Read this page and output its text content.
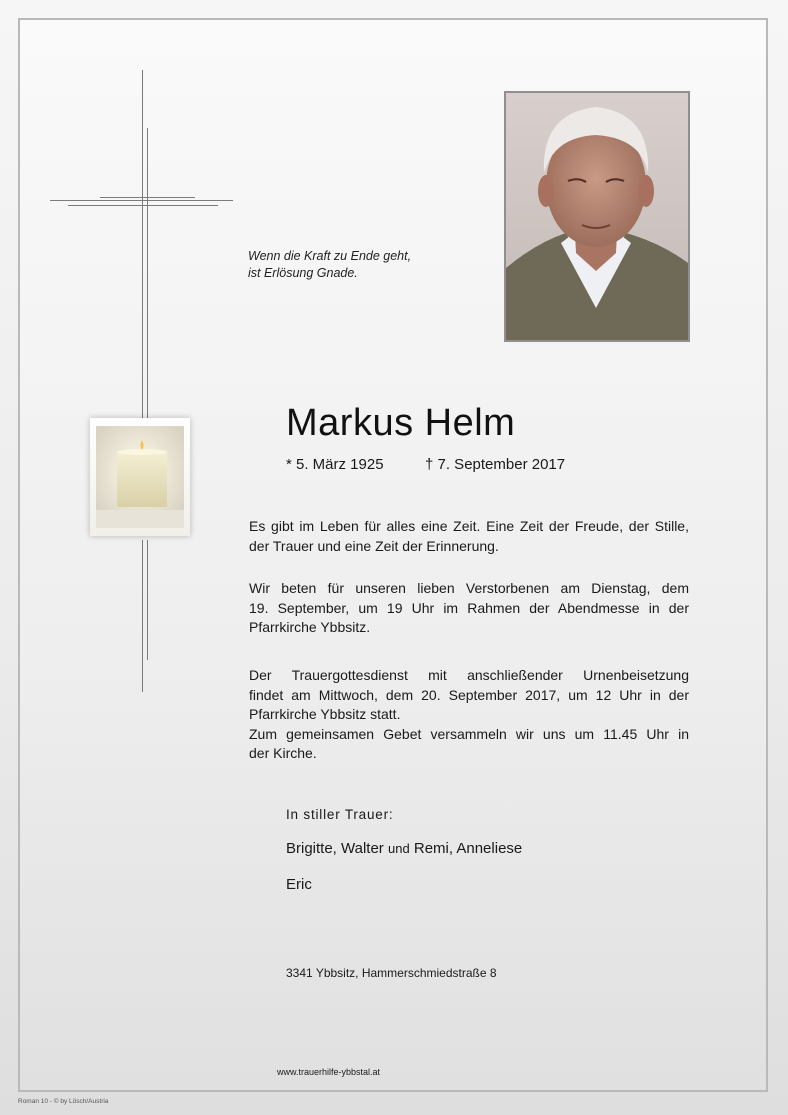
Wenn die Kraft zu Ende geht,
ist Erlösung Gnade.
Markus Helm
* 5. März 1925	† 7. September 2017
Es gibt im Leben für alles eine Zeit. Eine Zeit der Freude, der Stille,
der Trauer und eine Zeit der Erinnerung.
Wir beten für unseren lieben Verstorbenen am Dienstag, dem
19. September, um 19 Uhr im Rahmen der Abendmesse in der
Pfarrkirche Ybbsitz.
Der Trauergottesdienst mit anschließender Urnenbeisetzung
findet am Mittwoch, dem 20. September 2017, um 12 Uhr in der
Pfarrkirche Ybbsitz statt.
Zum gemeinsamen Gebet versammeln wir uns um 11.45 Uhr in
der Kirche.
In stiller Trauer:
Brigitte, Walter und Remi, Anneliese
Eric
3341 Ybbsitz, Hammerschmiedstraße 8
www.trauerhilfe-ybbstal.at
Roman 10 - © by Lösch/Austria
